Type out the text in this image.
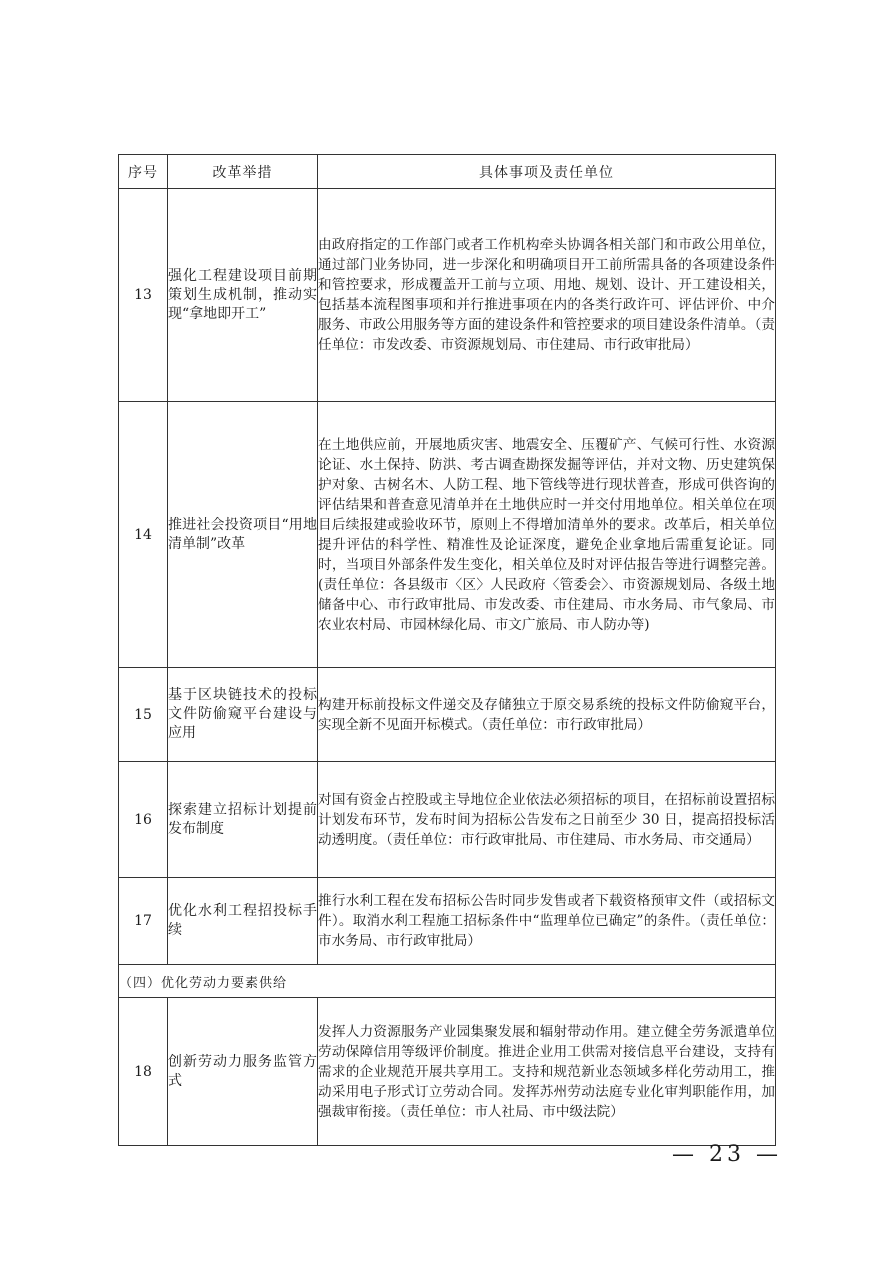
序号	改革举措	具体事项及责任单位
13	强化工程建设项目前期策划生成机制，推动实现“拿地即开工”	由政府指定的工作部门或者工作机构牵头协调各相关部门和市政公用单位，通过部门业务协同，进一步深化和明确项目开工前所需具备的各项建设条件和管控要求，形成覆盖开工前与立项、用地、规划、设计、开工建设相关，包括基本流程图事项和并行推进事项在内的各类行政许可、评估评价、中介服务、市政公用服务等方面的建设条件和管控要求的项目建设条件清单。（责任单位：市发改委、市资源规划局、市住建局、市行政审批局）
14	推进社会投资项目“用地清单制”改革	在土地供应前，开展地质灾害、地震安全、压覆矿产、气候可行性、水资源论证、水土保持、防洪、考古调查勘探发掘等评估，并对文物、历史建筑保护对象、古树名木、人防工程、地下管线等进行现状普查，形成可供咨询的评估结果和普查意见清单并在土地供应时一并交付用地单位。相关单位在项目后续报建或验收环节，原则上不得增加清单外的要求。改革后，相关单位提升评估的科学性、精准性及论证深度，避免企业拿地后需重复论证。同时，当项目外部条件发生变化，相关单位及时对评估报告等进行调整完善。(责任单位：各县级市〈区〉人民政府〈管委会〉、市资源规划局、各级土地储备中心、市行政审批局、市发改委、市住建局、市水务局、市气象局、市农业农村局、市园林绿化局、市文广旅局、市人防办等)
15	基于区块链技术的投标文件防偷窥平台建设与应用	构建开标前投标文件递交及存储独立于原交易系统的投标文件防偷窥平台，实现全新不见面开标模式。（责任单位：市行政审批局）
16	探索建立招标计划提前发布制度	对国有资金占控股或主导地位企业依法必须招标的项目，在招标前设置招标计划发布环节，发布时间为招标公告发布之日前至少 30 日，提高招投标活动透明度。（责任单位：市行政审批局、市住建局、市水务局、市交通局）
17	优化水利工程招投标手续	推行水利工程在发布招标公告时同步发售或者下载资格预审文件（或招标文件）。取消水利工程施工招标条件中“监理单位已确定”的条件。（责任单位：市水务局、市行政审批局）
（四）优化劳动力要素供给		
18	创新劳动力服务监管方式	发挥人力资源服务产业园集聚发展和辐射带动作用。建立健全劳务派遣单位劳动保障信用等级评价制度。推进企业用工供需对接信息平台建设，支持有需求的企业规范开展共享用工。支持和规范新业态领域多样化劳动用工，推动采用电子形式订立劳动合同。发挥苏州劳动法庭专业化审判职能作用，加强裁审衔接。（责任单位：市人社局、市中级法院）
— 23 —
